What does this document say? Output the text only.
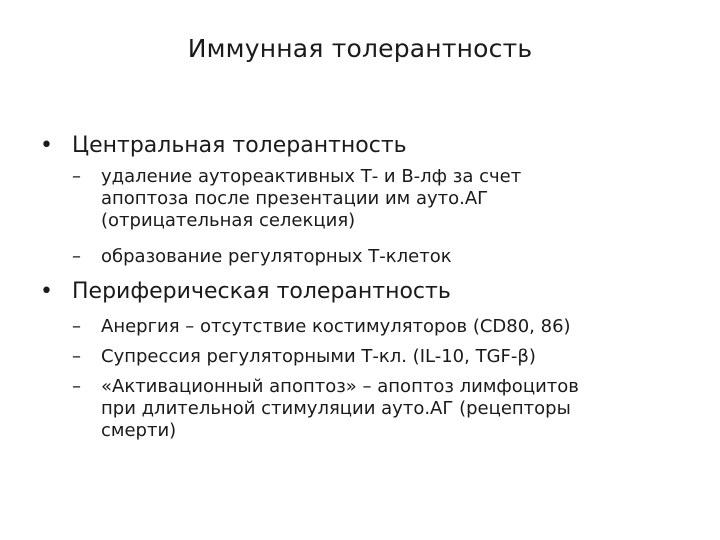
Иммунная толерантность
• Центральная толерантность
–	удаление аутореактивных Т- и В-лф за счет
апоптоза после презентации им ауто.АГ
(отрицательная селекция)
–	образование регуляторных Т-клеток
• Периферическая толерантность
–	Анергия – отсутствие костимуляторов (CD80, 86)
–	Супрессия регуляторными Т-кл. (IL-10, TGF-β)
–	«Активационный апоптоз» – апоптоз лимфоцитов
при длительной стимуляции ауто.АГ (рецепторы
смерти)
